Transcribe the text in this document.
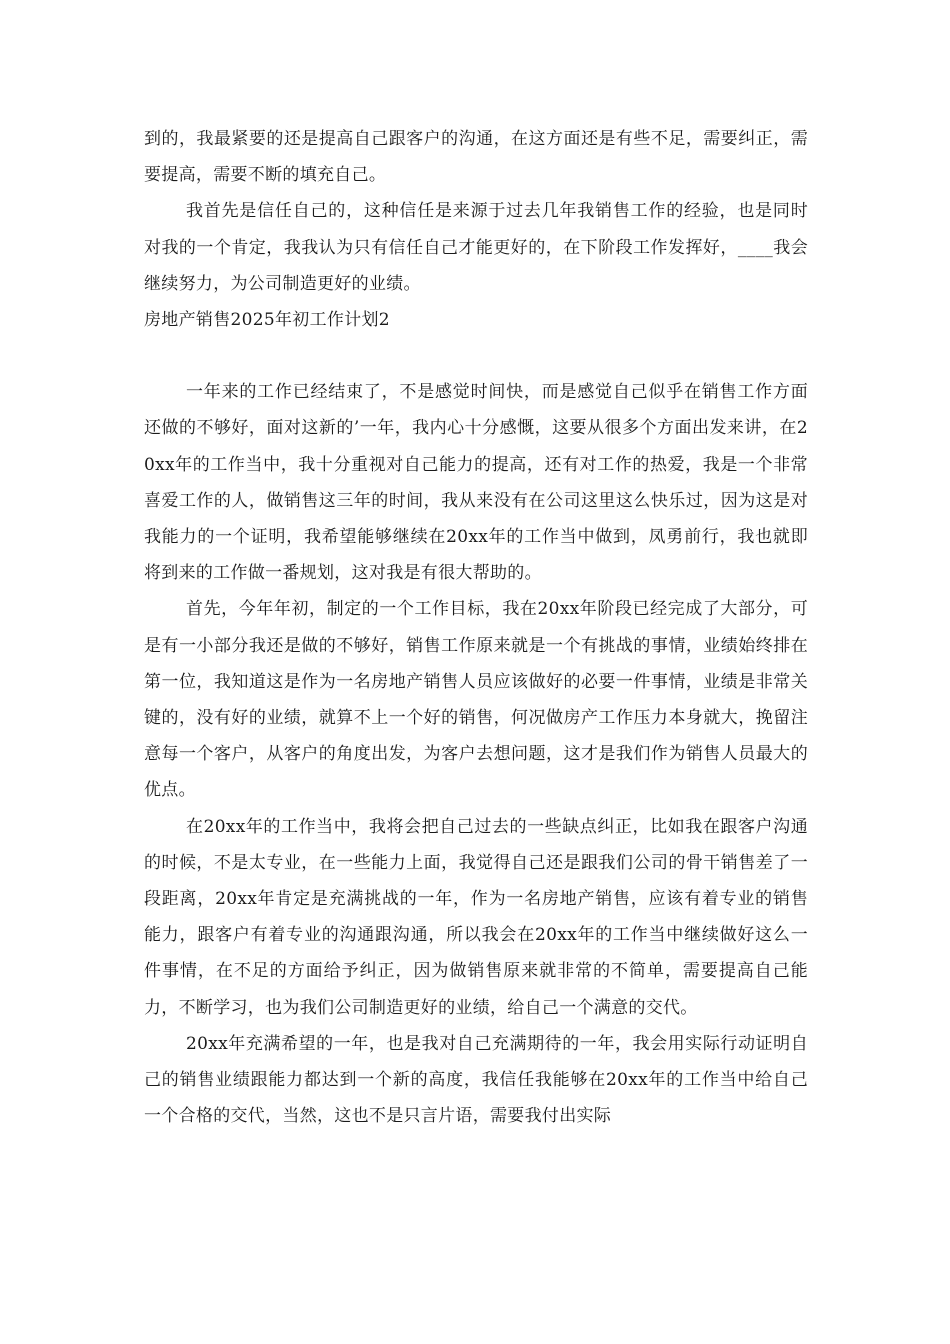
到的，我最紧要的还是提高自己跟客户的沟通，在这方面还是有些不足，需要纠正，需要提高，需要不断的填充自己。

我首先是信任自己的，这种信任是来源于过去几年我销售工作的经验，也是同时对我的一个肯定，我我认为只有信任自己才能更好的，在下阶段工作发挥好，____我会继续努力，为公司制造更好的业绩。

房地产销售2025年初工作计划2

一年来的工作已经结束了，不是感觉时间快，而是感觉自己似乎在销售工作方面还做的不够好，面对这新的’一年，我内心十分感慨，这要从很多个方面出发来讲，在20xx年的工作当中，我十分重视对自己能力的提高，还有对工作的热爱，我是一个非常喜爱工作的人，做销售这三年的时间，我从来没有在公司这里这么快乐过，因为这是对我能力的一个证明，我希望能够继续在20xx年的工作当中做到，凤勇前行，我也就即将到来的工作做一番规划，这对我是有很大帮助的。

首先，今年年初，制定的一个工作目标，我在20xx年阶段已经完成了大部分，可是有一小部分我还是做的不够好，销售工作原来就是一个有挑战的事情，业绩始终排在第一位，我知道这是作为一名房地产销售人员应该做好的必要一件事情，业绩是非常关键的，没有好的业绩，就算不上一个好的销售，何况做房产工作压力本身就大，挽留注意每一个客户，从客户的角度出发，为客户去想问题，这才是我们作为销售人员最大的优点。

在20xx年的工作当中，我将会把自己过去的一些缺点纠正，比如我在跟客户沟通的时候，不是太专业，在一些能力上面，我觉得自己还是跟我们公司的骨干销售差了一段距离，20xx年肯定是充满挑战的一年，作为一名房地产销售，应该有着专业的销售能力，跟客户有着专业的沟通跟沟通，所以我会在20xx年的工作当中继续做好这么一件事情，在不足的方面给予纠正，因为做销售原来就非常的不简单，需要提高自己能力，不断学习，也为我们公司制造更好的业绩，给自己一个满意的交代。

20xx年充满希望的一年，也是我对自己充满期待的一年，我会用实际行动证明自己的销售业绩跟能力都达到一个新的高度，我信任我能够在20xx年的工作当中给自己一个合格的交代，当然，这也不是只言片语，需要我付出实际
